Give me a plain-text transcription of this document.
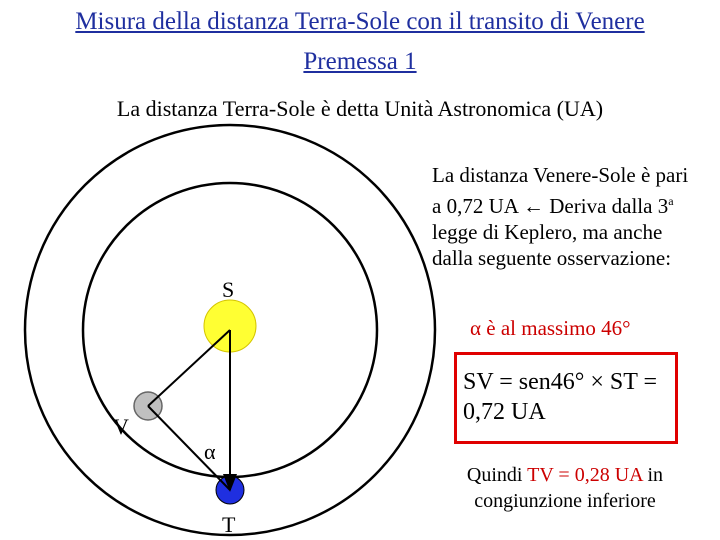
Misura della distanza Terra-Sole con il transito di Venere
Premessa 1
La distanza Terra-Sole è detta Unità Astronomica (UA)
S
V
α
T
La distanza Venere-Sole è pari a 0,72 UA ← Deriva dalla 3$^a$ legge di Keplero, ma anche dalla seguente osservazione:
α è al massimo 46°
SV = sen46° × ST =
0,72 UA
Quindi TV = 0,28 UA in congiunzione inferiore
